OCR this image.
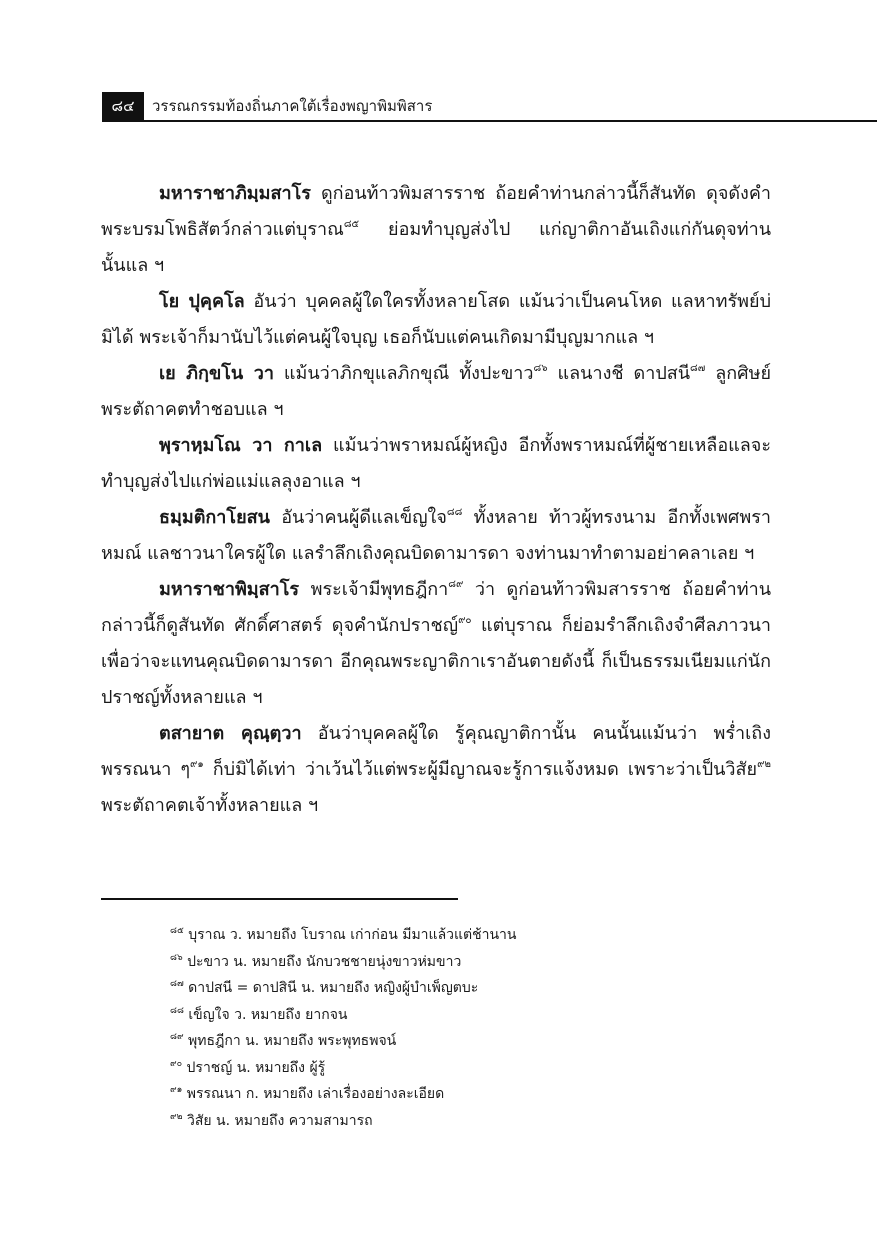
๘๔	วรรณกรรมท้องถิ่นภาคใต้เรื่องพญาพิมพิสาร

มหาราชาภิมฺมสาโร ดูก่อนท้าวพิมสารราช ถ้อยคำท่านกล่าวนี้ก็สันทัด ดุจดังคำพระบรมโพธิสัตว์กล่าวแต่บุราณ$^{๘๕}$ ย่อมทำบุญส่งไป แก่ญาติกาอันเถิงแก่กันดุจท่านนั้นแล ฯ

โย ปุคฺคโล อันว่า บุคคลผู้ใดใครทั้งหลายโสด แม้นว่าเป็นคนโหด แลหาทรัพย์บ่มิได้ พระเจ้าก็มานับไว้แต่คนผู้ใจบุญ เธอก็นับแต่คนเกิดมามีบุญมากแล ฯ

เย ภิกฺขโน วา แม้นว่าภิกขุแลภิกขุณี ทั้งปะขาว$^{๘๖}$ แลนางชี ดาปสนี$^{๘๗}$ ลูกศิษย์พระตัถาคตทำชอบแล ฯ

พฺราหฺมโณ วา กาเล แม้นว่าพราหมณ์ผู้หญิง อีกทั้งพราหมณ์ที่ผู้ชายเหลือแลจะทำบุญส่งไปแก่พ่อแม่แลลุงอาแล ฯ

ธมฺมติกาโยสน อันว่าคนผู้ดีแลเข็ญใจ$^{๘๘}$ ทั้งหลาย ท้าวผู้ทรงนาม อีกทั้งเพศพราหมณ์ แลชาวนาใครผู้ใด แลรำลึกเถิงคุณบิดดามารดา จงท่านมาทำตามอย่าคลาเลย ฯ

มหาราชาพิมฺสาโร พระเจ้ามีพุทธฎีกา$^{๘๙}$ ว่า ดูก่อนท้าวพิมสารราช ถ้อยคำท่านกล่าวนี้ก็ดูสันทัด ศักดิ์ศาสตร์ ดุจคำนักปราชญ์$^{๙๐}$ แต่บุราณ ก็ย่อมรำลึกเถิงจำศีลภาวนาเพื่อว่าจะแทนคุณบิดดามารดา อีกคุณพระญาติกาเราอันตายดังนี้ ก็เป็นธรรมเนียมแก่นักปราชญ์ทั้งหลายแล ฯ

ตสายาต คุณฺตฺวา อันว่าบุคคลผู้ใด รู้คุณญาติกานั้น คนนั้นแม้นว่า พร่ำเถิงพรรณนา ๆ$^{๙๑}$ ก็บ่มิได้เท่า ว่าเว้นไว้แต่พระผู้มีญาณจะรู้การแจ้งหมด เพราะว่าเป็นวิสัย$^{๙๒}$ พระตัถาคตเจ้าทั้งหลายแล ฯ

$^{๘๕}$ บุราณ ว. หมายถึง โบราณ เก่าก่อน มีมาแล้วแต่ช้านาน
$^{๘๖}$ ปะขาว น. หมายถึง นักบวชชายนุ่งขาวห่มขาว
$^{๘๗}$ ดาปสนี = ดาปสินี น. หมายถึง หญิงผู้บำเพ็ญตบะ
$^{๘๘}$ เข็ญใจ ว. หมายถึง ยากจน
$^{๘๙}$ พุทธฎีกา น. หมายถึง พระพุทธพจน์
$^{๙๐}$ ปราชญ์ น. หมายถึง ผู้รู้
$^{๙๑}$ พรรณนา ก. หมายถึง เล่าเรื่องอย่างละเอียด
$^{๙๒}$ วิสัย น. หมายถึง ความสามารถ
